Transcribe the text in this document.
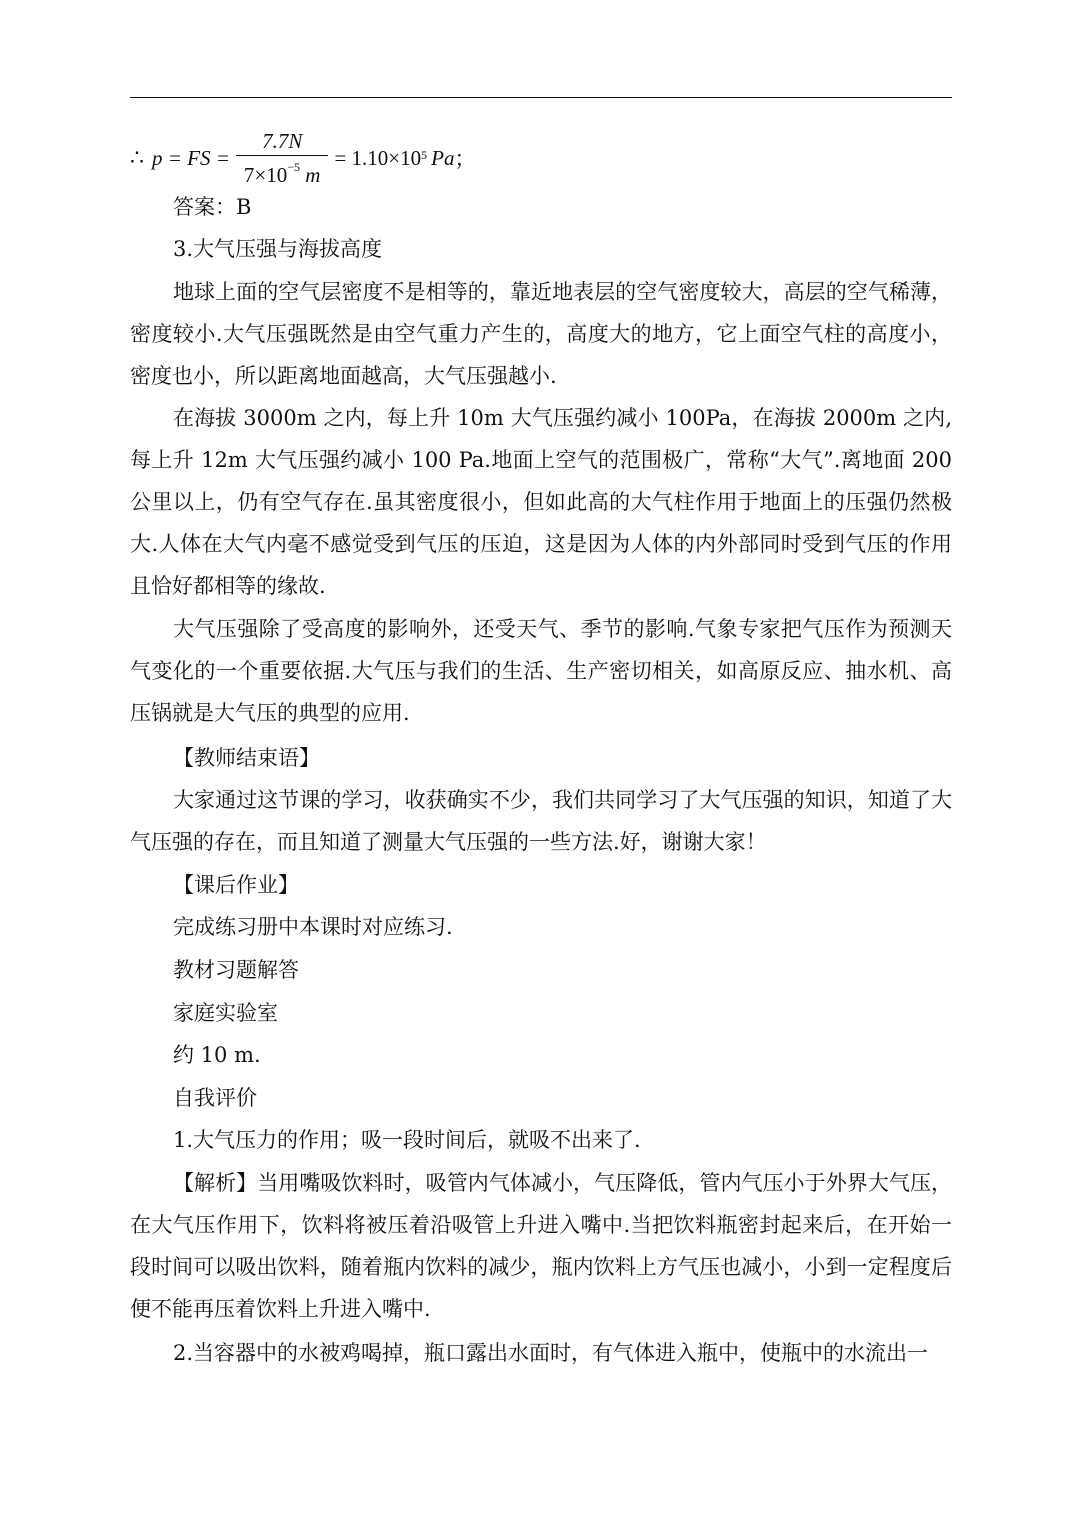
∴ p = FS = $\frac{7.7N}{7\times 10^{-5} m} = 1.10\times 10^5$ Pa ；

答案：B

3.大气压强与海拔高度

地球上面的空气层密度不是相等的，靠近地表层的空气密度较大，高层的空气稀薄，密度较小.大气压强既然是由空气重力产生的，高度大的地方，它上面空气柱的高度小，密度也小，所以距离地面越高，大气压强越小.

在海拔 3000m 之内，每上升 10m 大气压强约减小 100Pa，在海拔 2000m 之内,每上升 12m 大气压强约减小 100 Pa.地面上空气的范围极广，常称“大气”.离地面 200 公里以上，仍有空气存在.虽其密度很小，但如此高的大气柱作用于地面上的压强仍然极大.人体在大气内毫不感觉受到气压的压迫，这是因为人体的内外部同时受到气压的作用且恰好都相等的缘故.

大气压强除了受高度的影响外，还受天气、季节的影响.气象专家把气压作为预测天气变化的一个重要依据.大气压与我们的生活、生产密切相关，如高原反应、抽水机、高压锅就是大气压的典型的应用.

【教师结束语】

大家通过这节课的学习，收获确实不少，我们共同学习了大气压强的知识，知道了大气压强的存在，而且知道了测量大气压强的一些方法.好，谢谢大家！

【课后作业】

完成练习册中本课时对应练习.

教材习题解答

家庭实验室

约 10 m.

自我评价

1.大气压力的作用；吸一段时间后，就吸不出来了.

【解析】当用嘴吸饮料时，吸管内气体减小，气压降低，管内气压小于外界大气压，在大气压作用下，饮料将被压着沿吸管上升进入嘴中.当把饮料瓶密封起来后，在开始一段时间可以吸出饮料，随着瓶内饮料的减少，瓶内饮料上方气压也减小，小到一定程度后便不能再压着饮料上升进入嘴中.

2.当容器中的水被鸡喝掉，瓶口露出水面时，有气体进入瓶中，使瓶中的水流出一
